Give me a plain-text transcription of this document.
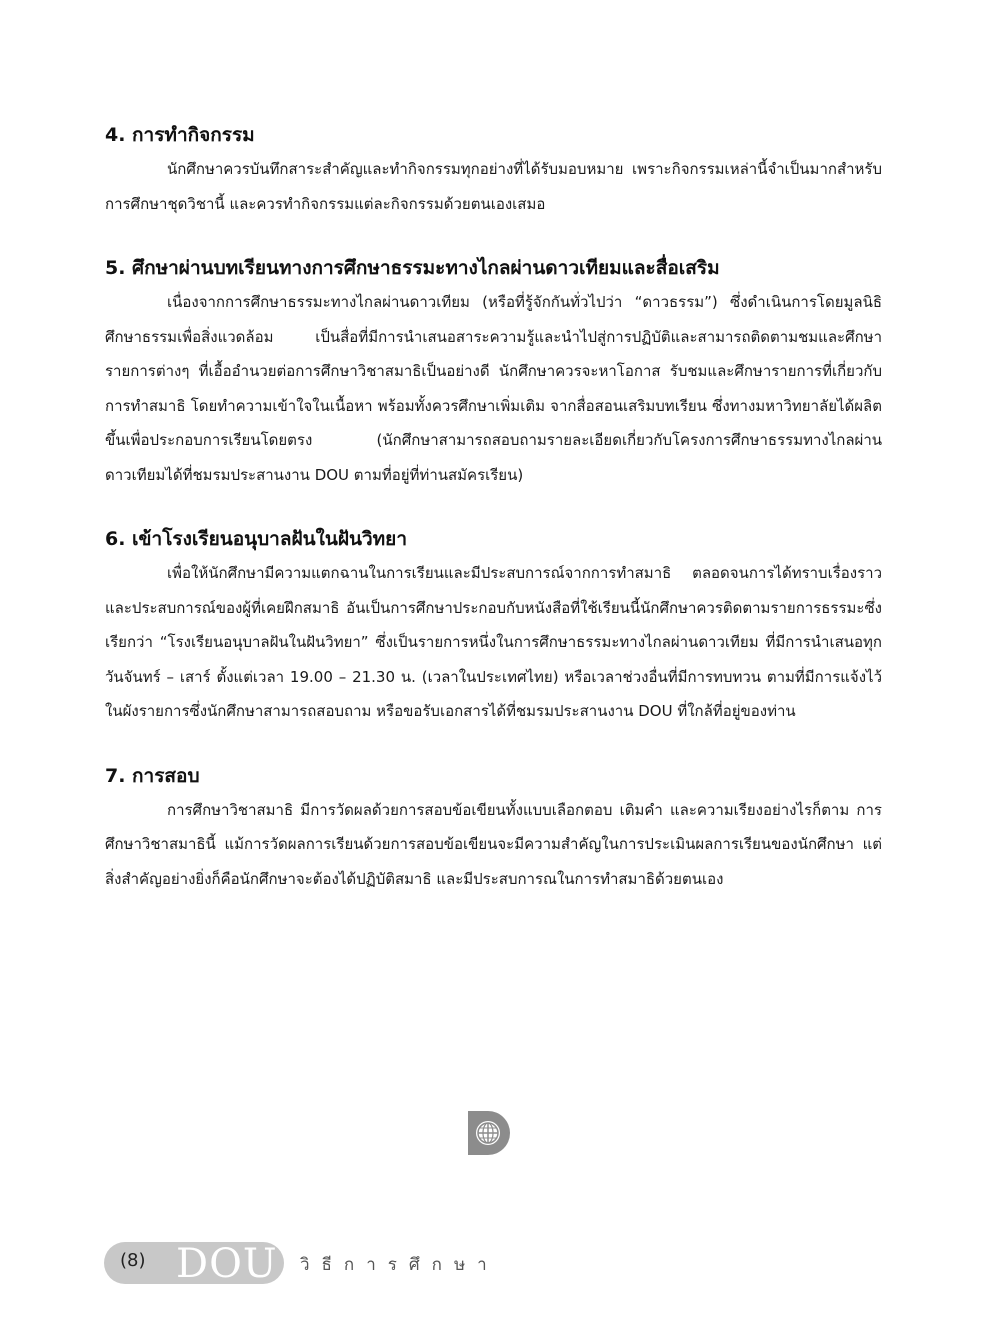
4. การทำกิจกรรม

นักศึกษาควรบันทึกสาระสำคัญและทำกิจกรรมทุกอย่างที่ได้รับมอบหมาย เพราะกิจกรรมเหล่านี้จำเป็นมากสำหรับการศึกษาชุดวิชานี้ และควรทำกิจกรรมแต่ละกิจกรรมด้วยตนเองเสมอ

5. ศึกษาผ่านบทเรียนทางการศึกษาธรรมะทางไกลผ่านดาวเทียมและสื่อเสริม

เนื่องจากการศึกษาธรรมะทางไกลผ่านดาวเทียม (หรือที่รู้จักกันทั่วไปว่า “ดาวธรรม”) ซึ่งดำเนินการโดยมูลนิธิศึกษาธรรมเพื่อสิ่งแวดล้อม เป็นสื่อที่มีการนำเสนอสาระความรู้และนำไปสู่การปฏิบัติและสามารถติดตามชมและศึกษารายการต่างๆ ที่เอื้ออำนวยต่อการศึกษาวิชาสมาธิเป็นอย่างดี นักศึกษาควรจะหาโอกาส รับชมและศึกษารายการที่เกี่ยวกับการทำสมาธิ โดยทำความเข้าใจในเนื้อหา พร้อมทั้งควรศึกษาเพิ่มเติม จากสื่อสอนเสริมบทเรียน ซึ่งทางมหาวิทยาลัยได้ผลิตขึ้นเพื่อประกอบการเรียนโดยตรง (นักศึกษาสามารถสอบถามรายละเอียดเกี่ยวกับโครงการศึกษาธรรมทางไกลผ่านดาวเทียมได้ที่ชมรมประสานงาน DOU ตามที่อยู่ที่ท่านสมัครเรียน)

6. เข้าโรงเรียนอนุบาลฝันในฝันวิทยา

เพื่อให้นักศึกษามีความแตกฉานในการเรียนและมีประสบการณ์จากการทำสมาธิ ตลอดจนการได้ทราบเรื่องราวและประสบการณ์ของผู้ที่เคยฝึกสมาธิ อันเป็นการศึกษาประกอบกับหนังสือที่ใช้เรียนนี้นักศึกษาควรติดตามรายการธรรมะซึ่งเรียกว่า “โรงเรียนอนุบาลฝันในฝันวิทยา” ซึ่งเป็นรายการหนึ่งในการศึกษาธรรมะทางไกลผ่านดาวเทียม ที่มีการนำเสนอทุกวันจันทร์ – เสาร์ ตั้งแต่เวลา 19.00 – 21.30 น. (เวลาในประเทศไทย) หรือเวลาช่วงอื่นที่มีการทบทวน ตามที่มีการแจ้งไว้ในผังรายการซึ่งนักศึกษาสามารถสอบถาม หรือขอรับเอกสารได้ที่ชมรมประสานงาน DOU ที่ใกล้ที่อยู่ของท่าน

7. การสอบ

การศึกษาวิชาสมาธิ มีการวัดผลด้วยการสอบข้อเขียนทั้งแบบเลือกตอบ เติมคำ และความเรียงอย่างไรก็ตาม การศึกษาวิชาสมาธินี้ แม้การวัดผลการเรียนด้วยการสอบข้อเขียนจะมีความสำคัญในการประเมินผลการเรียนของนักศึกษา แต่สิ่งสำคัญอย่างยิ่งก็คือนักศึกษาจะต้องได้ปฏิบัติสมาธิ และมีประสบการณในการทำสมาธิด้วยตนเอง

(8) DOU วิธีการศึกษา
